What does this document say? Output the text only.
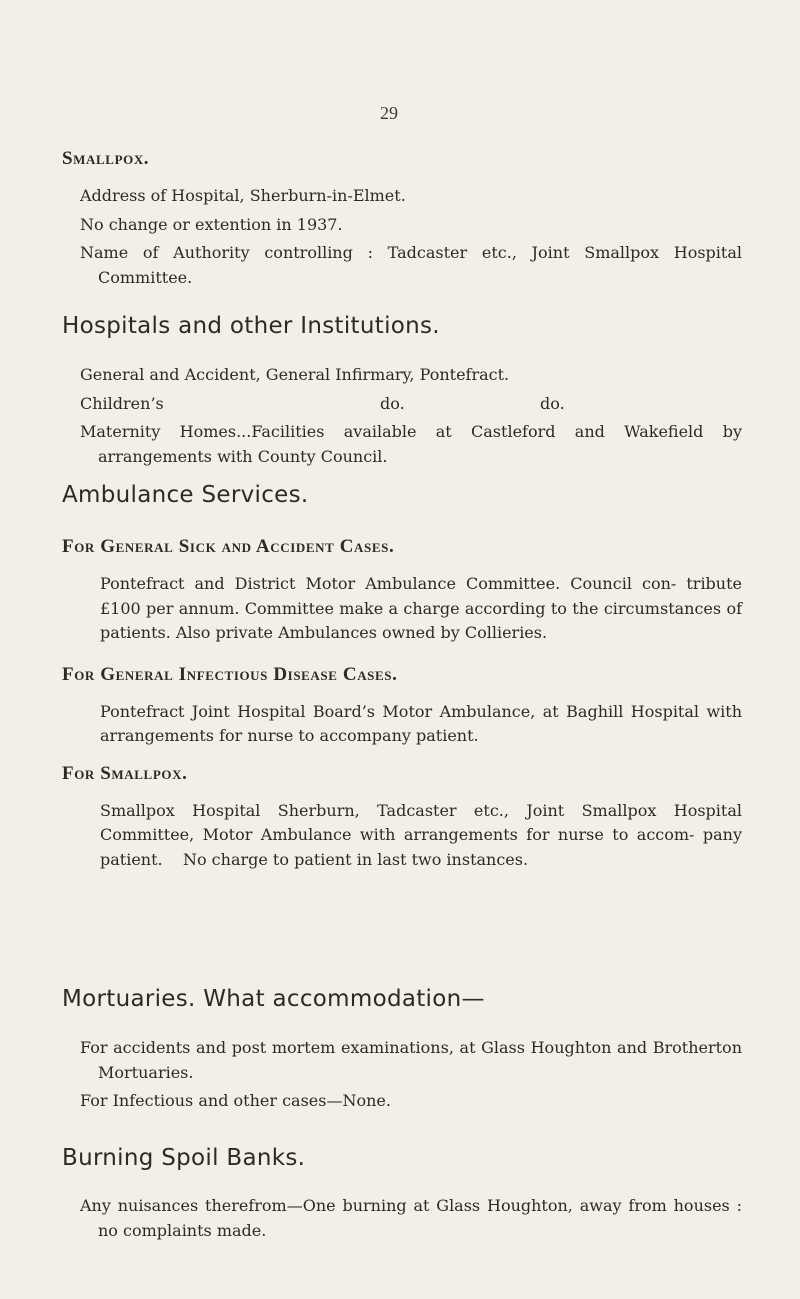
29
Smallpox.

Address of Hospital, Sherburn-in-Elmet.

No change or extention in 1937.

Name of Authority controlling : Tadcaster etc., Joint Smallpox Hospital Committee.

Hospitals and other Institutions.

General and Accident, General Infirmary, Pontefract.

Children’s	do.	do.

Maternity Homes...Facilities available at Castleford and Wakefield by arrangements with County Council.

Ambulance Services.
For General Sick and Accident Cases.

Pontefract and District Motor Ambulance Committee. Council con- tribute £100 per annum. Committee make a charge according to the circumstances of patients. Also private Ambulances owned by Collieries.

For General Infectious Disease Cases.

Pontefract Joint Hospital Board’s Motor Ambulance, at Baghill Hospital with arrangements for nurse to accompany patient.

For Smallpox.

Smallpox Hospital Sherburn, Tadcaster etc., Joint Smallpox Hospital Committee, Motor Ambulance with arrangements for nurse to accom- pany patient.    No charge to patient in last two instances.

Mortuaries. What accommodation—

For accidents and post mortem examinations, at Glass Houghton and Brotherton Mortuaries.

For Infectious and other cases—None.

Burning Spoil Banks.

Any nuisances therefrom—One burning at Glass Houghton, away from houses : no complaints made.
